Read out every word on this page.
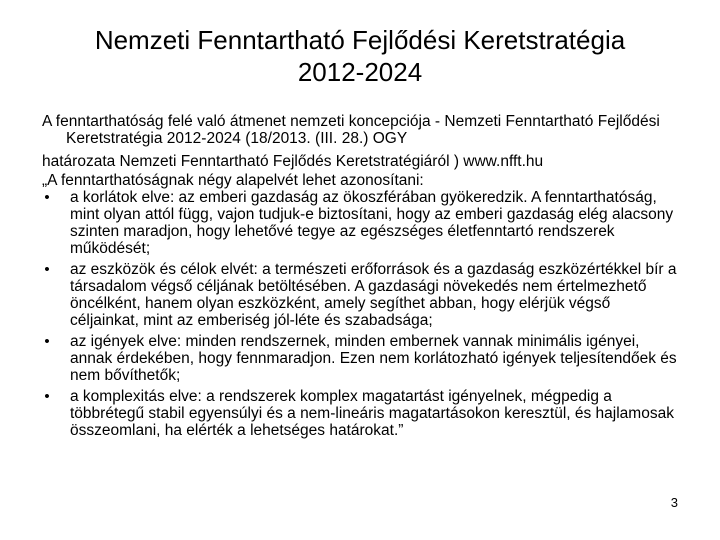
Nemzeti Fenntartható Fejlődési Keretstratégia
2012-2024

A fenntarthatóság felé való átmenet nemzeti koncepciója - Nemzeti Fenntartható Fejlődési Keretstratégia 2012-2024 (18/2013. (III. 28.) OGY
határozata Nemzeti Fenntartható Fejlődés Keretstratégiáról ) www.nfft.hu

„A fenntarthatóságnak négy alapelvét lehet azonosítani:

• a korlátok elve: az emberi gazdaság az ökoszférában gyökeredzik. A fenntarthatóság, mint olyan attól függ, vajon tudjuk-e biztosítani, hogy az emberi gazdaság elég alacsony szinten maradjon, hogy lehetővé tegye az egészséges életfenntartó rendszerek működését;
• az eszközök és célok elvét: a természeti erőforrások és a gazdaság eszközértékkel bír a társadalom végső céljának betöltésében. A gazdasági növekedés nem értelmezhető öncélként, hanem olyan eszközként, amely segíthet abban, hogy elérjük végső céljainkat, mint az emberiség jól-léte és szabadsága;
• az igények elve: minden rendszernek, minden embernek vannak minimális igényei, annak érdekében, hogy fennmaradjon. Ezen nem korlátozható igények teljesítendőek és nem bővíthetők;
• a komplexitás elve: a rendszerek komplex magatartást igényelnek, mégpedig a többrétegű stabil egyensúlyi és a nem-lineáris magatartásokon keresztül, és hajlamosak összeomlani, ha elérték a lehetséges határokat.”
3
